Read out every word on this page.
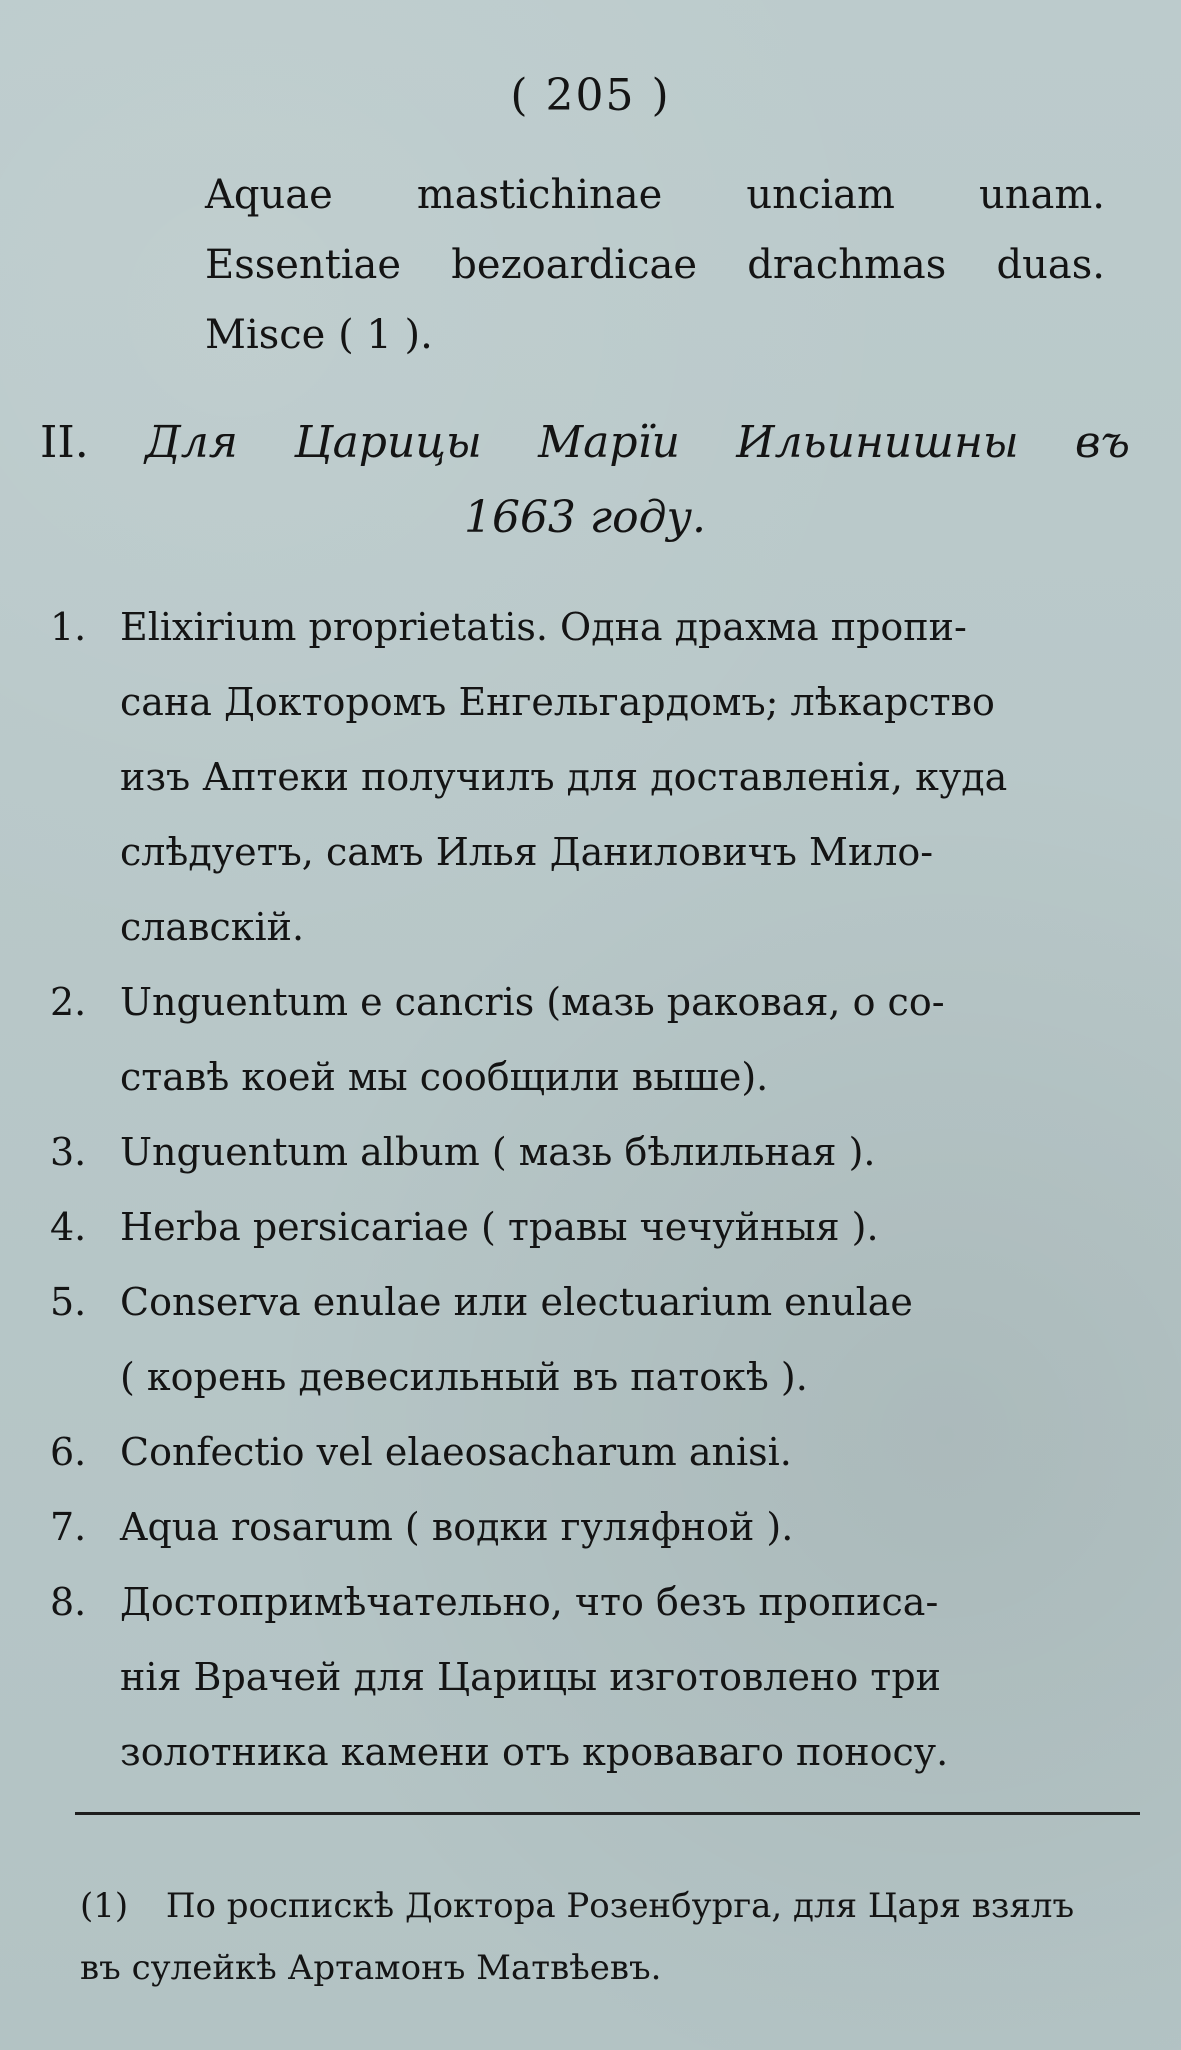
( 205 )
Aquae mastichinae unciam unam.
Essentiae bezoardicae drachmas duas.
Misce ( 1 ).
II. Для Царицы Марїи Ильинишны въ
1663 году.
1. Elixirium proprietatis. Одна драхма пропи-
сана Докторомъ Енгельгардомъ; лѣкарство
изъ Аптеки получилъ для доставленія, куда
слѣдуетъ, самъ Илья Даниловичъ Мило-
славскій.
2. Unguentum e cancris (мазь раковая, о со-
ставѣ коей мы сообщили выше).
3. Unguentum album ( мазь бѣлильная ).
4. Herba persicariae ( травы чечуйныя ).
5. Conserva enulae или electuarium enulae
( корень девесильный въ патокѣ ).
6. Confectio vel elaeosacharum anisi.
7. Aqua rosarum ( водки гуляфной ).
8. Достопримѣчательно, что безъ прописа-
нія Врачей для Царицы изготовлено три
золотника камени отъ кроваваго поносу.
(1) По роспискѣ Доктора Розенбурга, для Царя взялъ
въ сулейкѣ Артамонъ Матвѣевъ.
